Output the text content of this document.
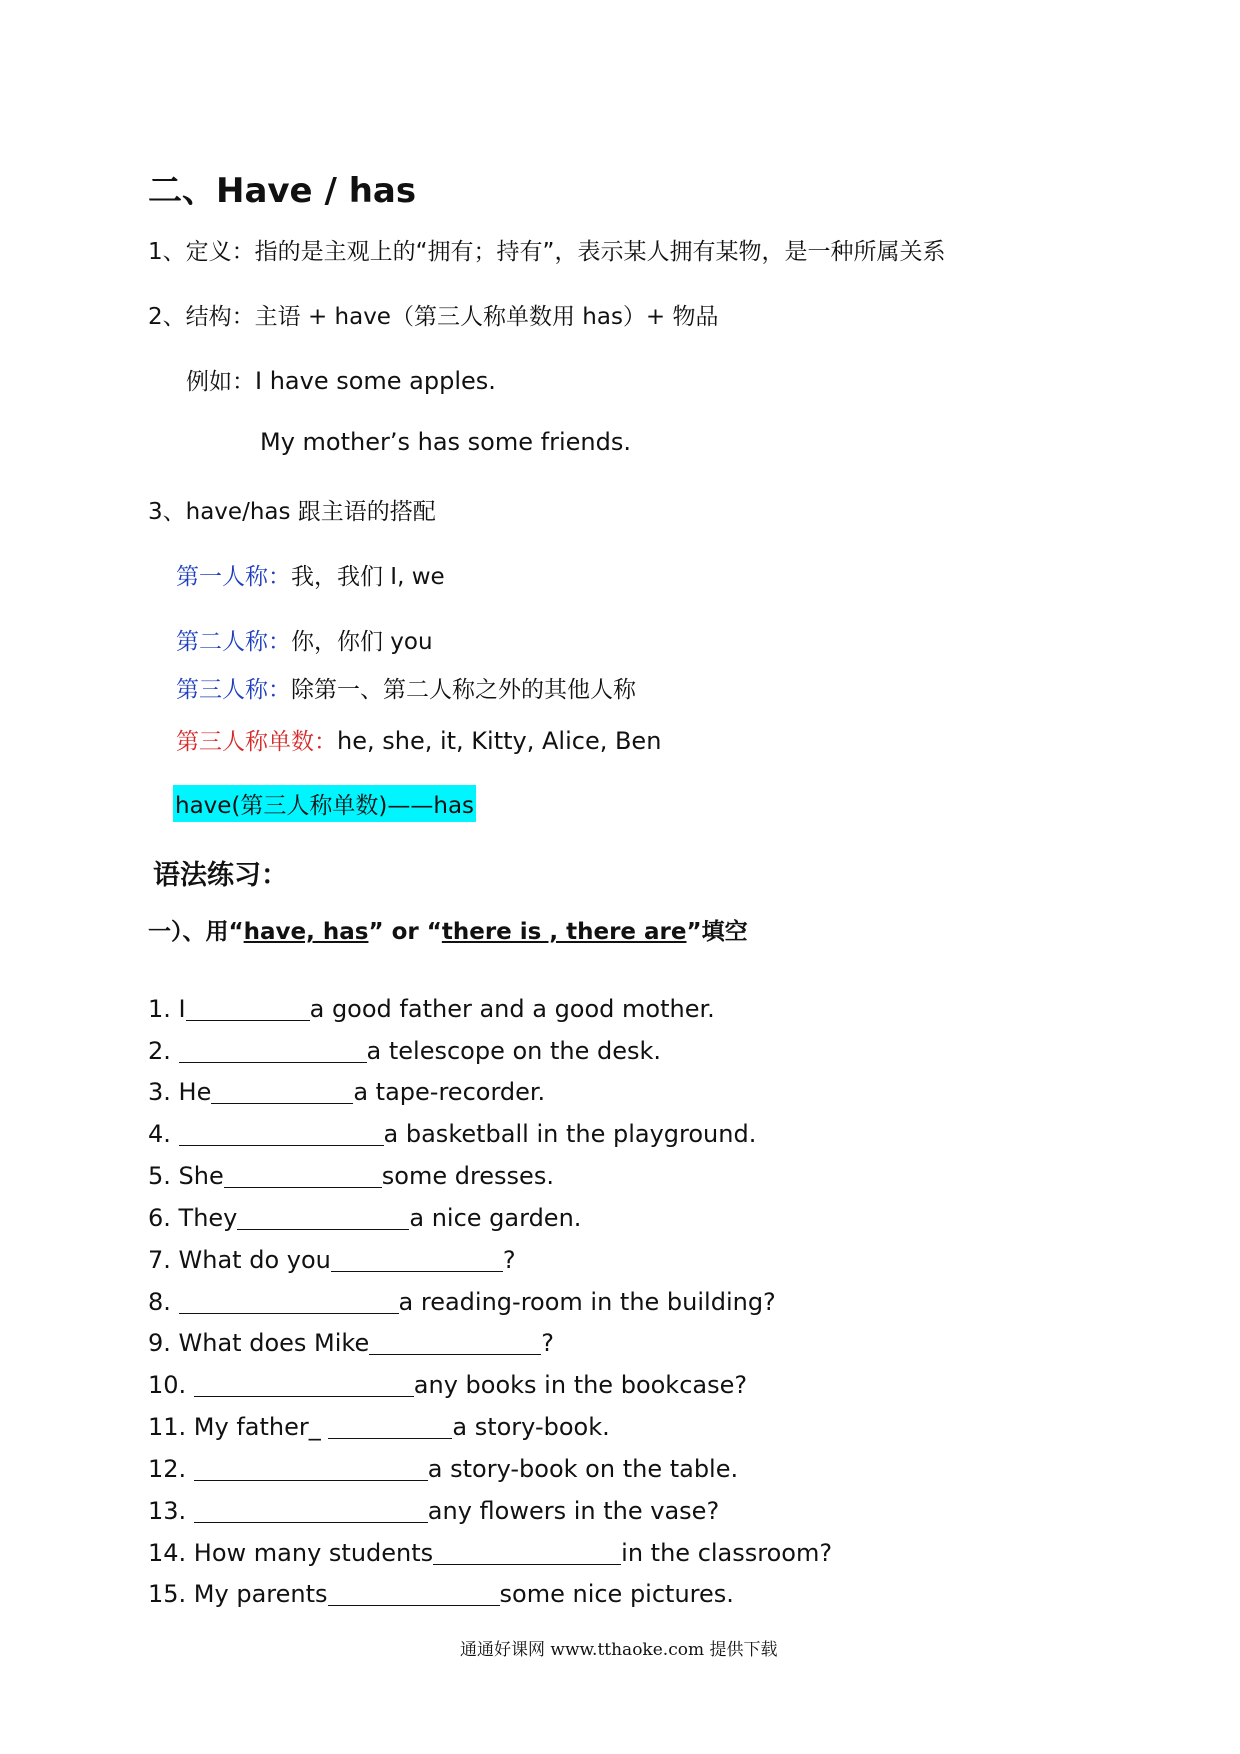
二、Have / has
1、定义：指的是主观上的“拥有；持有”，表示某人拥有某物，是一种所属关系
2、结构：主语 + have（第三人称单数用 has）+ 物品
例如：I have some apples.
My mother’s has some friends.
3、have/has 跟主语的搭配
第一人称：我，我们 I, we
第二人称：你，你们 you
第三人称：除第一、第二人称之外的其他人称
第三人称单数：he, she, it, Kitty, Alice, Ben
have(第三人称单数)——has
语法练习：
一）、用“have, has” or “there is , there are”填空
1. I	a good father and a good mother.
2.	a telescope on the desk.
3. He	a tape-recorder.
4.	a basketball in the playground.
5. She	some dresses.
6. They	a nice garden.
7. What do you	?
8.	a reading-room in the building?
9. What does Mike	?
10.	any books in the bookcase?
11. My father_	a story-book.
12.	a story-book on the table.
13.	any flowers in the vase?
14. How many students	in the classroom?
15. My parents	some nice pictures.
通通好课网 www.tthaoke.com 提供下载
